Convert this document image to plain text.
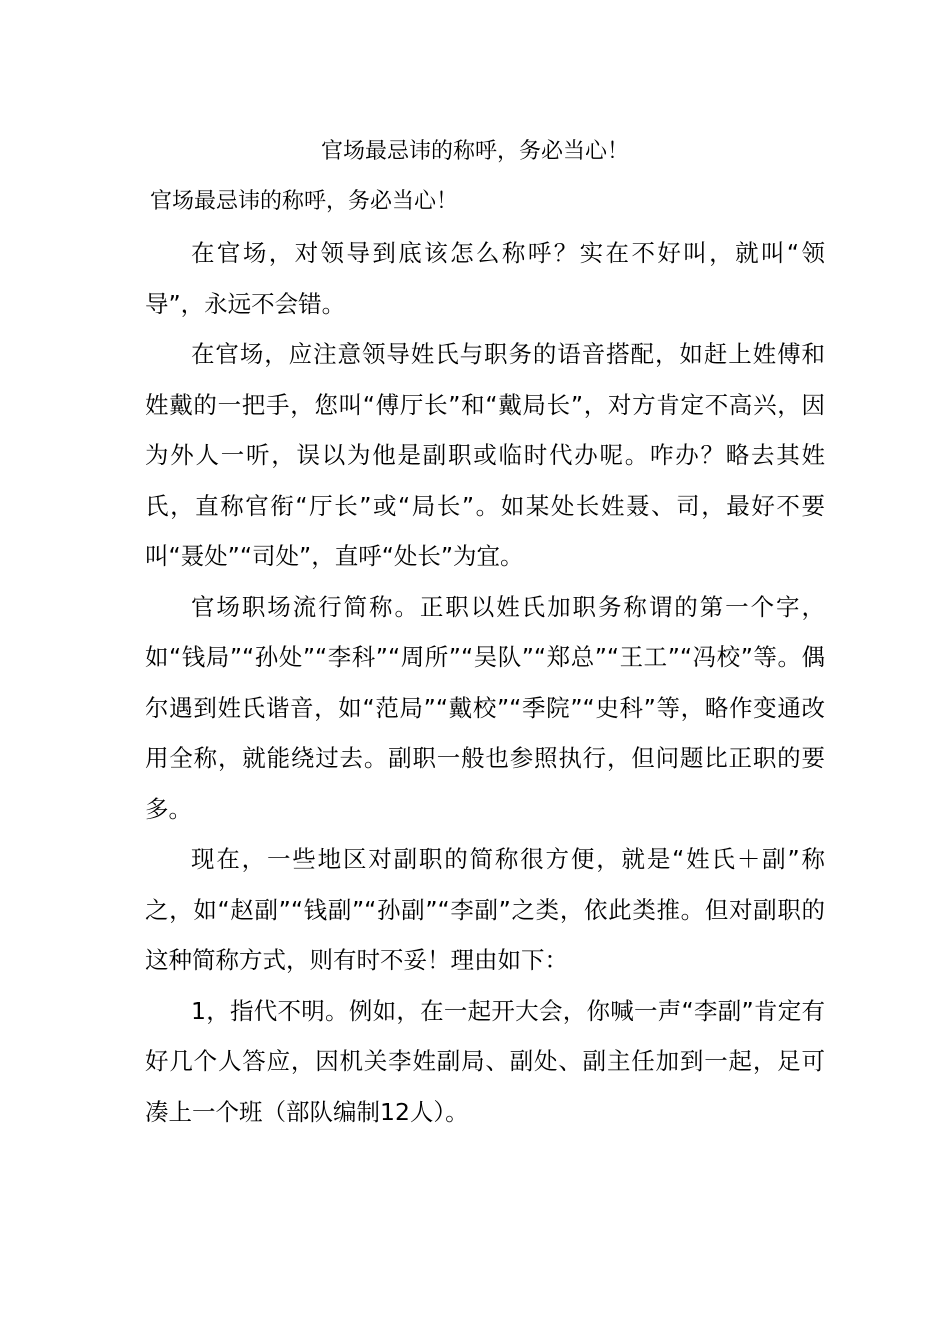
官场最忌讳的称呼，务必当心！

官场最忌讳的称呼，务必当心！

在官场，对领导到底该怎么称呼？实在不好叫，就叫“领导”，永远不会错。

在官场，应注意领导姓氏与职务的语音搭配，如赶上姓傅和姓戴的一把手，您叫“傅厅长”和“戴局长”，对方肯定不高兴，因为外人一听，误以为他是副职或临时代办呢。咋办？略去其姓氏，直称官衔“厅长”或“局长”。如某处长姓聂、司，最好不要叫“聂处”“司处”，直呼“处长”为宜。

官场职场流行简称。正职以姓氏加职务称谓的第一个字，如“钱局”“孙处”“李科”“周所”“吴队”“郑总”“王工”“冯校”等。偶尔遇到姓氏谐音，如“范局”“戴校”“季院”“史科”等，略作变通改用全称，就能绕过去。副职一般也参照执行，但问题比正职的要多。

现在，一些地区对副职的简称很方便，就是“姓氏＋副”称之，如“赵副”“钱副”“孙副”“李副”之类，依此类推。但对副职的这种简称方式，则有时不妥！理由如下：

1，指代不明。例如，在一起开大会，你喊一声“李副”肯定有好几个人答应，因机关李姓副局、副处、副主任加到一起，足可凑上一个班（部队编制12人）。
